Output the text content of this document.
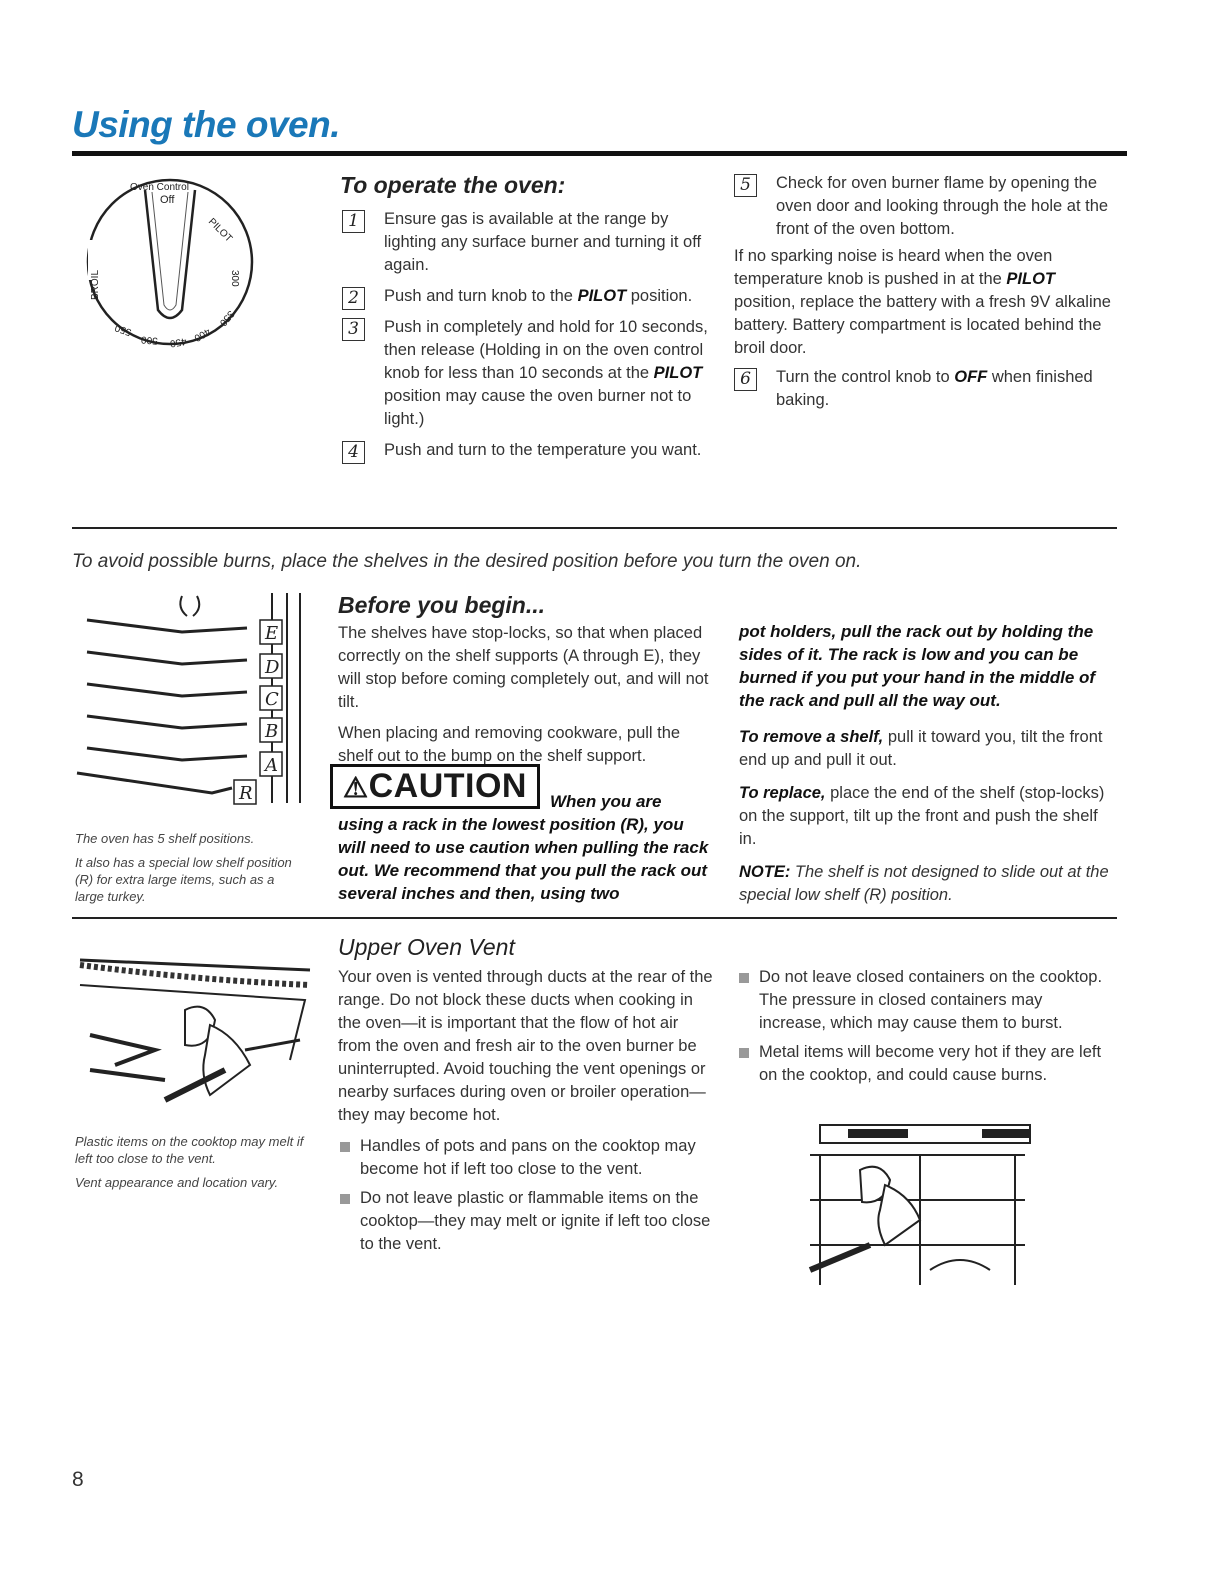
Using the oven.
Oven Control
Off
PILOT
BROIL	300
350
400
450
500
550
To operate the oven:
1	Ensure gas is available at the range by lighting any surface burner and turning it off again.
2	Push and turn knob to the PILOT position.
3	Push in completely and hold for 10 seconds, then release (Holding in on the oven control knob for less than 10 seconds at the PILOT position may cause the oven burner not to light.)
4	Push and turn to the temperature you want.
5	Check for oven burner flame by opening the oven door and looking through the hole at the front of the oven bottom.
If no sparking noise is heard when the oven temperature knob is pushed in at the PILOT position, replace the battery with a fresh 9V alkaline battery. Battery compartment is located behind the broil door.
6	Turn the control knob to OFF when finished baking.
To avoid possible burns, place the shelves in the desired position before you turn the oven on.
E
D
C
B
A
R
The oven has 5 shelf positions.
It also has a special low shelf position (R) for extra large items, such as a large turkey.
Before you begin...
The shelves have stop-locks, so that when placed correctly on the shelf supports (A through E), they will stop before coming completely out, and will not tilt.
When placing and removing cookware, pull the shelf out to the bump on the shelf support.
⚠CAUTION	When you are
using a rack in the lowest position (R), you will need to use caution when pulling the rack out. We recommend that you pull the rack out several inches and then, using two
pot holders, pull the rack out by holding the sides of it. The rack is low and you can be burned if you put your hand in the middle of the rack and pull all the way out.
To remove a shelf, pull it toward you, tilt the front end up and pull it out.
To replace, place the end of the shelf (stop-locks) on the support, tilt up the front and push the shelf in.
NOTE: The shelf is not designed to slide out at the special low shelf (R) position.
Plastic items on the cooktop may melt if left too close to the vent.
Vent appearance and location vary.
Upper Oven Vent
Your oven is vented through ducts at the rear of the range. Do not block these ducts when cooking in the oven—it is important that the flow of hot air from the oven and fresh air to the oven burner be uninterrupted. Avoid touching the vent openings or nearby surfaces during oven or broiler operation—they may become hot.
Handles of pots and pans on the cooktop may become hot if left too close to the vent.
Do not leave plastic or flammable items on the cooktop—they may melt or ignite if left too close to the vent.
Do not leave closed containers on the cooktop. The pressure in closed containers may increase, which may cause them to burst.
Metal items will become very hot if they are left on the cooktop, and could cause burns.
8
